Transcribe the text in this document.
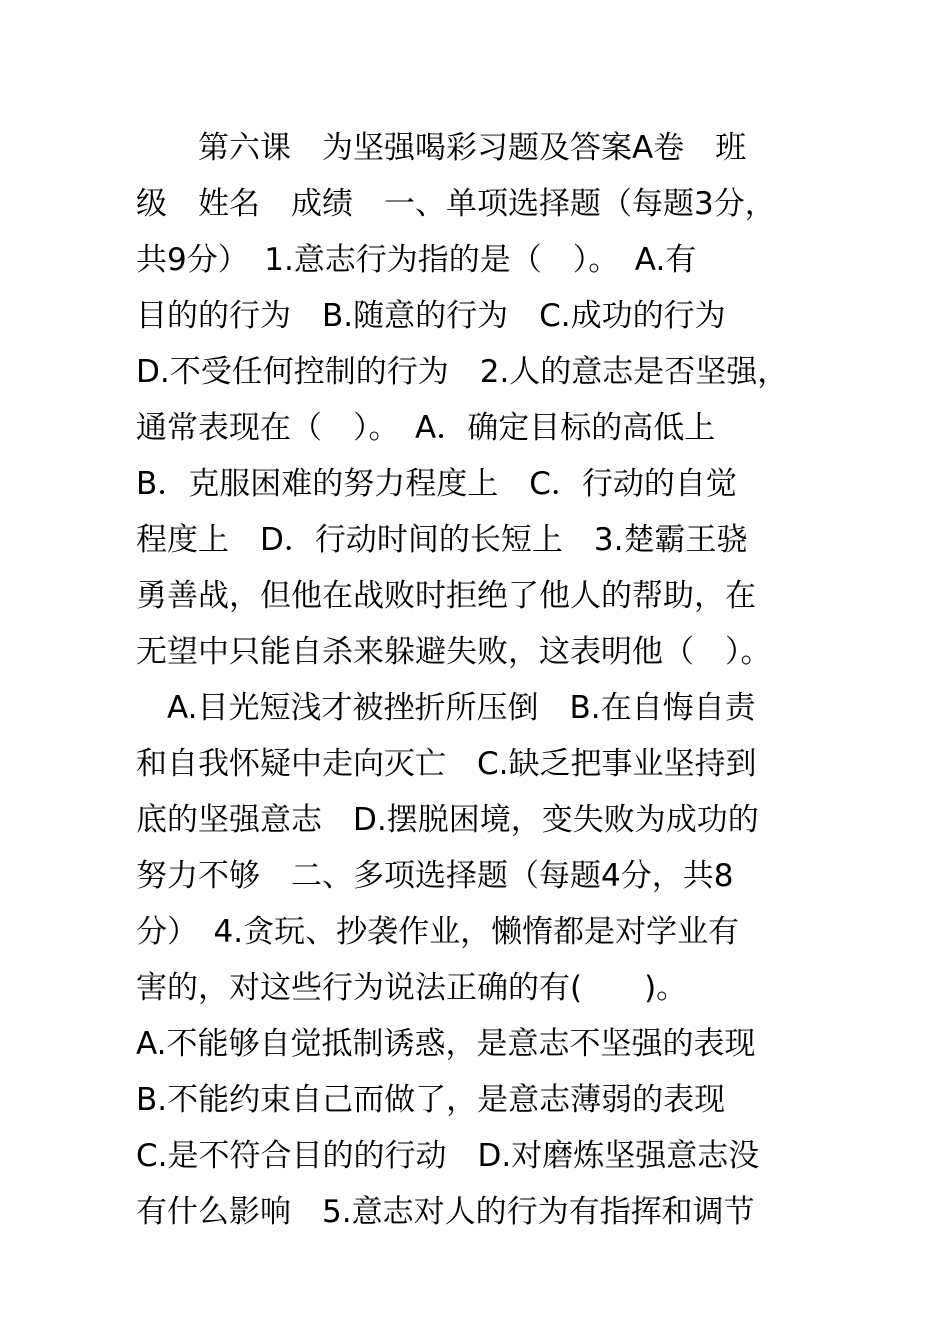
　　第六课　为坚强喝彩习题及答案A卷　班
级　姓名　成绩　一、单项选择题（每题3分，
共9分）　1.意志行为指的是（　）。　A.有
目的的行为　B.随意的行为　C.成功的行为
D.不受任何控制的行为　2.人的意志是否坚强，
通常表现在（　）。　A．确定目标的高低上
B．克服困难的努力程度上　C．行动的自觉
程度上　D．行动时间的长短上　3.楚霸王骁
勇善战，但他在战败时拒绝了他人的帮助，在
无望中只能自杀来躲避失败，这表明他（　）。
　A.目光短浅才被挫折所压倒　B.在自悔自责
和自我怀疑中走向灭亡　C.缺乏把事业坚持到
底的坚强意志　D.摆脱困境，变失败为成功的
努力不够　二、多项选择题（每题4分，共8
分）　4.贪玩、抄袭作业，懒惰都是对学业有
害的，对这些行为说法正确的有(　　)。
A.不能够自觉抵制诱惑，是意志不坚强的表现
B.不能约束自己而做了，是意志薄弱的表现
C.是不符合目的的行动　D.对磨炼坚强意志没
有什么影响　5.意志对人的行为有指挥和调节
